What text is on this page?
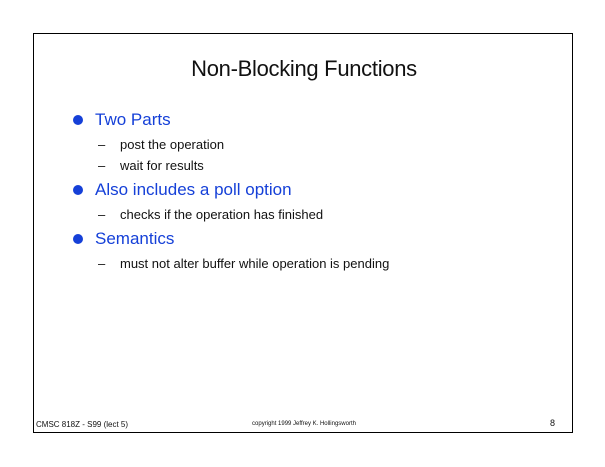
Non-Blocking Functions
Two Parts
–	post the operation
–	wait for results
Also includes a poll option
–	checks if the operation has finished
Semantics
–	must not alter buffer while operation is pending
CMSC 818Z - S99 (lect 5)	copyright 1999 Jeffrey K. Hollingsworth	8
